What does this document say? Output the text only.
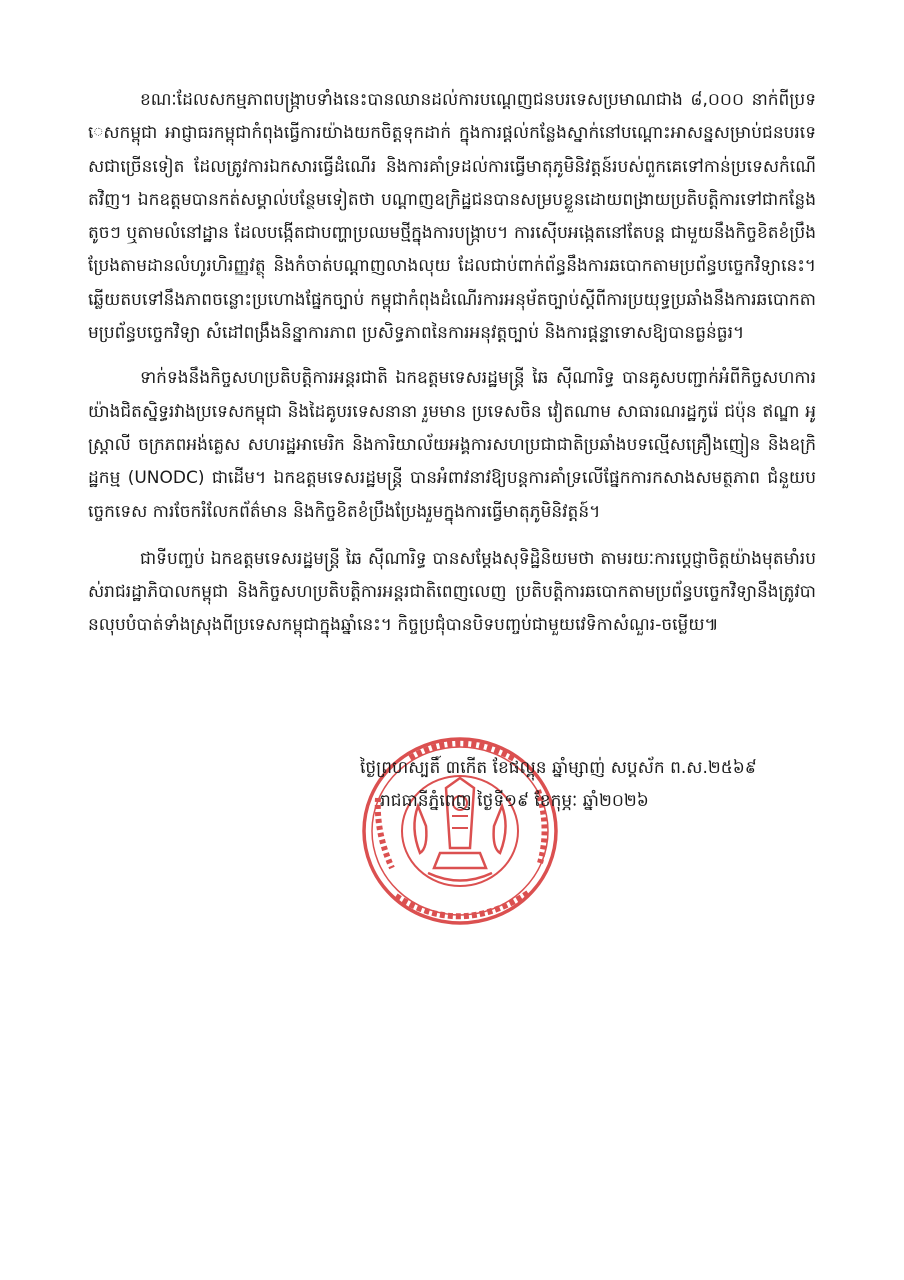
ខណៈដែលសកម្មភាពបង្ក្រាបទាំងនេះបានឈានដល់ការបណ្ដេញជនបរទេសប្រមាណជាង ៨,០០០ នាក់ពីប្រទេសកម្ពុជា អាជ្ញាធរកម្ពុជាកំពុងធ្វើការយ៉ាងយកចិត្តទុកដាក់ ក្នុងការផ្តល់កន្លែងស្នាក់នៅបណ្ដោះអាសន្នសម្រាប់ជនបរទេសជាច្រើនទៀត ដែលត្រូវការឯកសារធ្វើដំណើរ និងការគាំទ្រដល់ការធ្វើមាតុភូមិនិវត្តន៍របស់ពួកគេទៅកាន់ប្រទេសកំណើតវិញ។ ឯកឧត្តមបានកត់សម្គាល់បន្ថែមទៀតថា បណ្ដាញឧក្រិដ្ឋជនបានសម្របខ្លួនដោយពង្រាយប្រតិបត្តិការទៅជាកន្លែងតូចៗ ឬតាមលំនៅដ្ឋាន ដែលបង្កើតជាបញ្ហាប្រឈមថ្មីក្នុងការបង្ក្រាប។ ការស៊ើបអង្កេតនៅតែបន្ត ជាមួយនឹងកិច្ចខិតខំប្រឹងប្រែងតាមដានលំហូរហិរញ្ញវត្ថុ និងកំចាត់បណ្ដាញលាងលុយ ដែលជាប់ពាក់ព័ន្ធនឹងការឆបោកតាមប្រព័ន្ធបច្ចេកវិទ្យានេះ។ ឆ្លើយតបទៅនឹងភាពចន្លោះប្រហោងផ្នែកច្បាប់ កម្ពុជាកំពុងដំណើរការអនុម័តច្បាប់ស្ដីពីការប្រយុទ្ធប្រឆាំងនឹងការឆបោកតាមប្រព័ន្ធបច្ចេកវិទ្យា សំដៅពង្រឹងនិន្នាការភាព ប្រសិទ្ធភាពនៃការអនុវត្តច្បាប់ និងការផ្ដន្ទាទោសឱ្យបានធ្ងន់ធ្ងរ។

ទាក់ទងនឹងកិច្ចសហប្រតិបត្តិការអន្តរជាតិ ឯកឧត្តមទេសរដ្ឋមន្ត្រី ឆៃ ស៊ីណារិទ្ធ បានគូសបញ្ជាក់អំពីកិច្ចសហការយ៉ាងជិតស្និទ្ធរវាងប្រទេសកម្ពុជា និងដៃគូបរទេសនានា រួមមាន ប្រទេសចិន វៀតណាម សាធារណរដ្ឋកូរ៉េ ជប៉ុន ឥណ្ឌា អូស្ត្រាលី ចក្រភពអង់គ្លេស សហរដ្ឋអាមេរិក និងការិយាល័យអង្គការសហប្រជាជាតិប្រឆាំងបទល្មើសគ្រឿងញៀន និងឧក្រិដ្ឋកម្ម (UNODC) ជាដើម។ ឯកឧត្តមទេសរដ្ឋមន្ត្រី បានអំពាវនាវឱ្យបន្តការគាំទ្រលើផ្នែកការកសាងសមត្ថភាព ជំនួយបច្ចេកទេស ការចែករំលែកព័ត៌មាន និងកិច្ចខិតខំប្រឹងប្រែងរួមក្នុងការធ្វើមាតុភូមិនិវត្តន៍។

ជាទីបញ្ចប់ ឯកឧត្តមទេសរដ្ឋមន្ត្រី ឆៃ ស៊ីណារិទ្ធ បានសម្ដែងសុទិដ្ឋិនិយមថា តាមរយៈការប្ដេជ្ញាចិត្តយ៉ាងមុតមាំរបស់រាជរដ្ឋាភិបាលកម្ពុជា និងកិច្ចសហប្រតិបត្តិការអន្តរជាតិពេញលេញ ប្រតិបត្តិការឆបោកតាមប្រព័ន្ធបច្ចេកវិទ្យានឹងត្រូវបានលុបបំបាត់ទាំងស្រុងពីប្រទេសកម្ពុជាក្នុងឆ្នាំនេះ។ កិច្ចប្រជុំបានបិទបញ្ចប់ជាមួយវេទិកាសំណួរ-ចម្លើយ៕

ថ្ងៃព្រហស្បតិ៍ ៣កើត ខែផល្គុន ឆ្នាំម្សាញ់ សប្តស័ក ព.ស.២៥៦៩
រាជធានីភ្នំពេញ ថ្ងៃទី១៩ ខែកុម្ភៈ ឆ្នាំ២០២៦
